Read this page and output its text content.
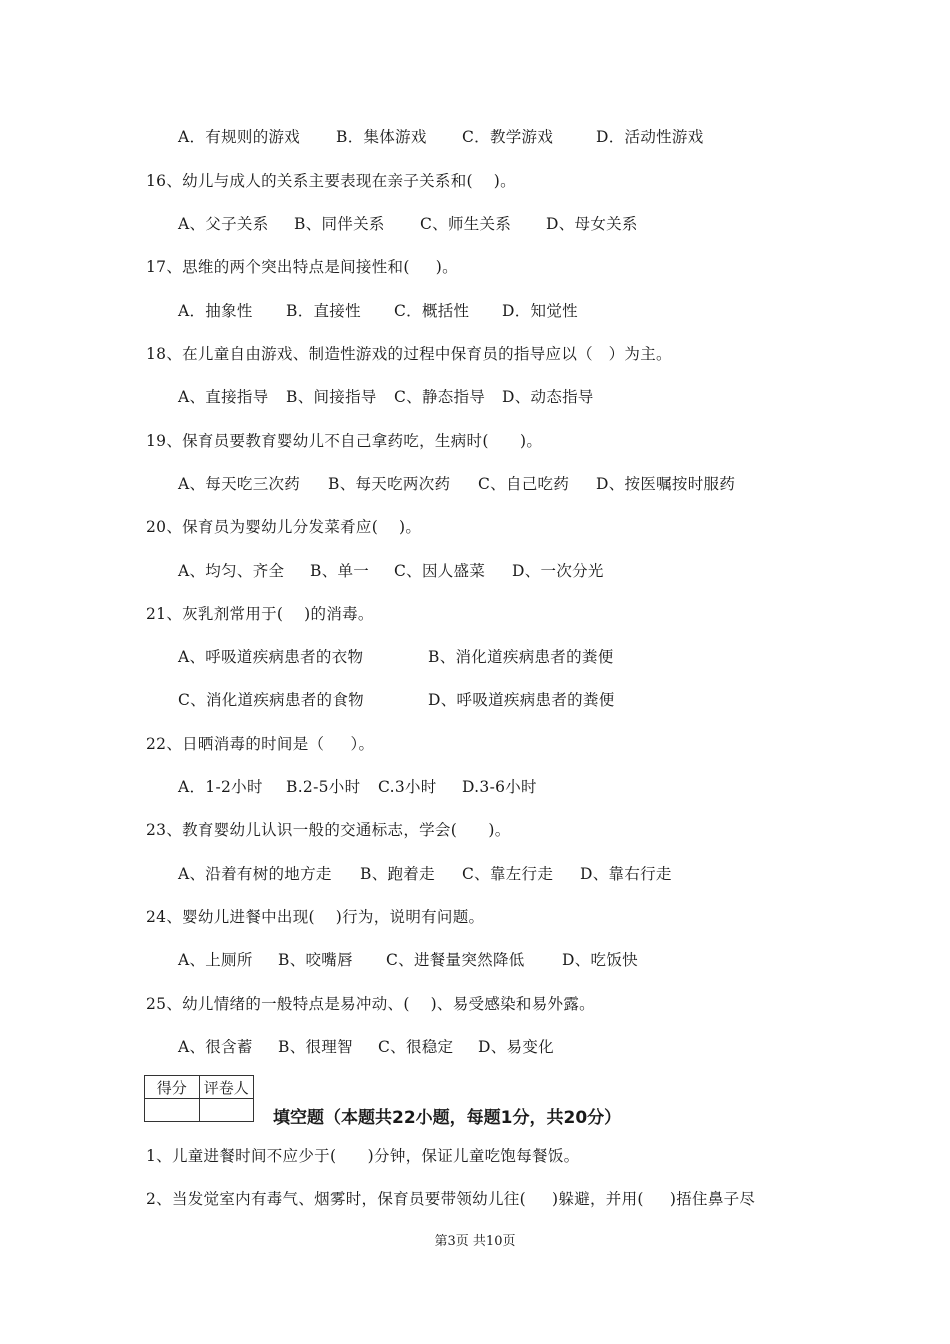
A．有规则的游戏

B．集体游戏

C．教学游戏

	D．活动性游戏

16、幼儿与成人的关系主要表现在亲子关系和(    )。

A、父子关系

B、同伴关系

C、师生关系

D、母女关系

17、思维的两个突出特点是间接性和(     )。

A．抽象性

B．直接性

C．概括性

D．知觉性

18、在儿童自由游戏、制造性游戏的过程中保育员的指导应以（   ）为主。

A、直接指导

B、间接指导

C、静态指导

D、动态指导

19、保育员要教育婴幼儿不自己拿药吃，生病时(      )。

A、每天吃三次药

B、每天吃两次药

C、自己吃药

D、按医嘱按时服药

20、保育员为婴幼儿分发菜肴应(    )。

A、均匀、齐全

B、单一

C、因人盛菜

D、一次分光

21、灰乳剂常用于(    )的消毒。

A、呼吸道疾病患者的衣物

	B、消化道疾病患者的粪便

C、消化道疾病患者的食物

	D、呼吸道疾病患者的粪便

22、日晒消毒的时间是（     ）。

A．1-2小时

B.2-5小时

C.3小时

D.3-6小时

23、教育婴幼儿认识一般的交通标志，学会(      )。

A、沿着有树的地方走

B、跑着走

C、靠左行走

D、靠右行走

24、婴幼儿进餐中出现(    )行为，说明有问题。

A、上厕所

B、咬嘴唇

C、进餐量突然降低

D、吃饭快

25、幼儿情绪的一般特点是易冲动、(    )、易受感染和易外露。

A、很含蓄

B、很理智

C、很稳定

D、易变化

得分	评卷人

填空题（本题共22小题，每题1分，共20分）
1、儿童进餐时间不应少于(      )分钟，保证儿童吃饱每餐饭。
2、当发觉室内有毒气、烟雾时，保育员要带领幼儿往(     )躲避，并用(     )捂住鼻子尽
第3页 共10页
